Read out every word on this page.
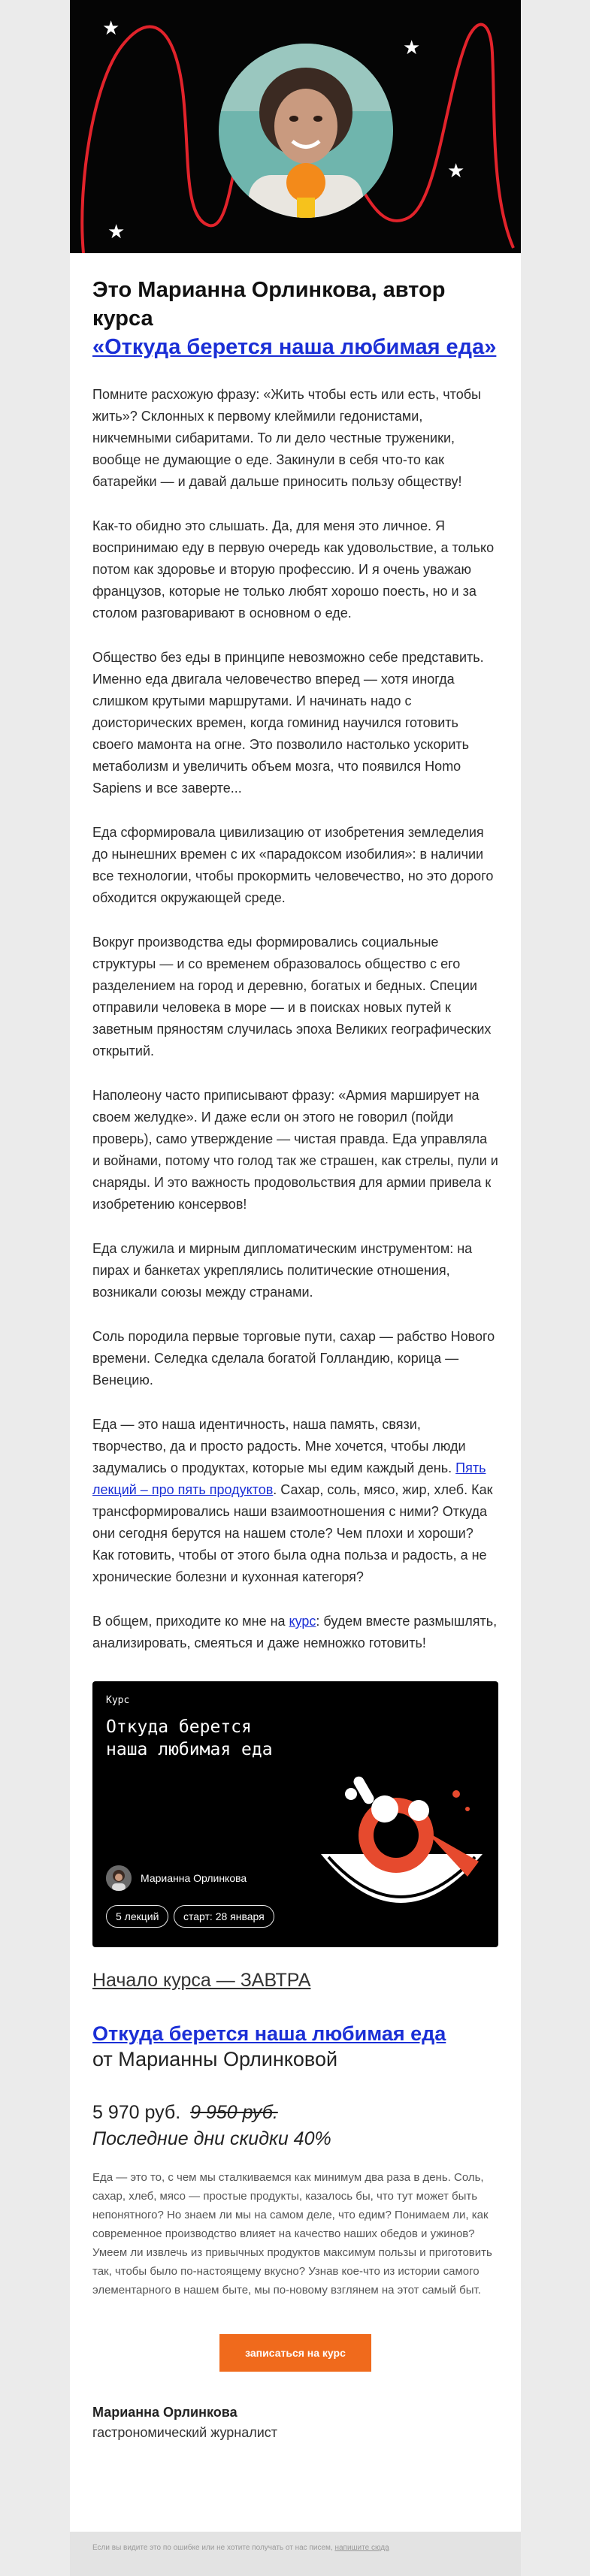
★
★
★
★
Это Марианна Орлинкова, автор курса
«Откуда берется наша любимая еда»

Помните расхожую фразу: «Жить чтобы есть или есть, чтобы жить»? Склонных к первому клеймили гедонистами, никчемными сибаритами. То ли дело честные труженики, вообще не думающие о еде. Закинули в себя что-то как батарейки — и давай дальше приносить пользу обществу!

Как-то обидно это слышать. Да, для меня это личное. Я воспринимаю еду в первую очередь как удовольствие, а только потом как здоровье и вторую профессию. И я очень уважаю французов, которые не только любят хорошо поесть, но и за столом разговаривают в основном о еде.

Общество без еды в принципе невозможно себе представить. Именно еда двигала человечество вперед — хотя иногда слишком крутыми маршрутами. И начинать надо с доисторических времен, когда гоминид научился готовить своего мамонта на огне. Это позволило настолько ускорить метаболизм и увеличить объем мозга, что появился Homo Sapiens и все заверте...

Еда сформировала цивилизацию от изобретения земледелия до нынешних времен с их «парадоксом изобилия»: в наличии все технологии, чтобы прокормить человечество, но это дорого обходится окружающей среде.

Вокруг производства еды формировались социальные структуры — и со временем образовалось общество с его разделением на город и деревню, богатых и бедных. Специи отправили человека в море — и в поисках новых путей к заветным пряностям случилась эпоха Великих географических открытий.

Наполеону часто приписывают фразу: «Армия марширует на своем желудке». И даже если он этого не говорил (пойди проверь), само утверждение — чистая правда. Еда управляла и войнами, потому что голод так же страшен, как стрелы, пули и снаряды. И это важность продовольствия для армии привела к изобретению консервов!

Еда служила и мирным дипломатическим инструментом: на пирах и банкетах укреплялись политические отношения, возникали союзы между странами.

Соль породила первые торговые пути, сахар — рабство Нового времени. Селедка сделала богатой Голландию, корица — Венецию.

Еда — это наша идентичность, наша память, связи, творчество, да и просто радость. Мне хочется, чтобы люди задумались о продуктах, которые мы едим каждый день. Пять лекций – про пять продуктов. Сахар, соль, мясо, жир, хлеб. Как трансформировались наши взаимоотношения с ними? Откуда они сегодня берутся на нашем столе? Чем плохи и хороши? Как готовить, чтобы от этого была одна польза и радость, а не хронические болезни и кухонная категоря?

В общем, приходите ко мне на курс: будем вместе размышлять, анализировать, смеяться и даже немножко готовить!

Курс
Откуда берется наша любимая еда
Марианна Орлинкова
5 лекций	старт: 28 января
Начало курса — ЗАВТРА
Откуда берется наша любимая еда
от Марианны Орлинковой
5 970 руб. 9 950 руб.
Последние дни скидки 40%

Еда — это то, с чем мы сталкиваемся как минимум два раза в день. Соль, сахар, хлеб, мясо — простые продукты, казалось бы, что тут может быть непонятного? Но знаем ли мы на самом деле, что едим? Понимаем ли, как современное производство влияет на качество наших обедов и ужинов? Умеем ли извлечь из привычных продуктов максимум пользы и приготовить так, чтобы было по-настоящему вкусно? Узнав кое-что из истории самого элементарного в нашем быте, мы по-новому взглянем на этот самый быт.

записаться на курс
Марианна Орлинкова
гастрономический журналист
Если вы видите это по ошибке или не хотите получать от нас писем, напишите сюда
